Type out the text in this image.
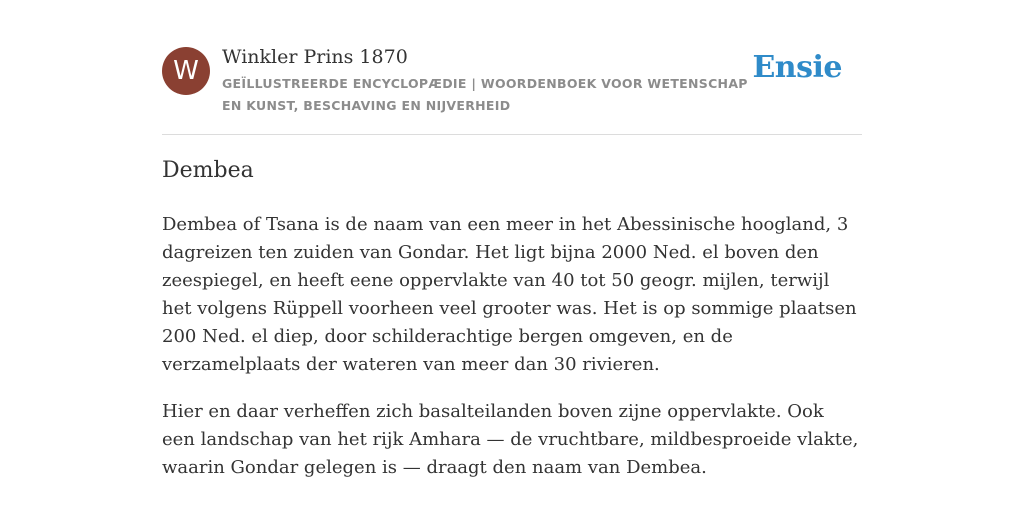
W	Winkler Prins 1870
GEÏLLUSTREERDE ENCYCLOPÆDIE | WOORDENBOEK VOOR WETENSCHAP EN KUNST, BESCHAVING EN NIJVERHEID
Ensie
Dembea

Dembea of Tsana is de naam van een meer in het Abessinische hoogland, 3 dagreizen ten zuiden van Gondar. Het ligt bijna 2000 Ned. el boven den zeespiegel, en heeft eene oppervlakte van 40 tot 50 geogr. mijlen, terwijl het volgens Rüppell voorheen veel grooter was. Het is op sommige plaatsen 200 Ned. el diep, door schilderachtige bergen omgeven, en de verzamelplaats der wateren van meer dan 30 rivieren.

Hier en daar verheffen zich basalteilanden boven zijne oppervlakte. Ook een landschap van het rijk Amhara — de vruchtbare, mildbesproeide vlakte, waarin Gondar gelegen is — draagt den naam van Dembea.
